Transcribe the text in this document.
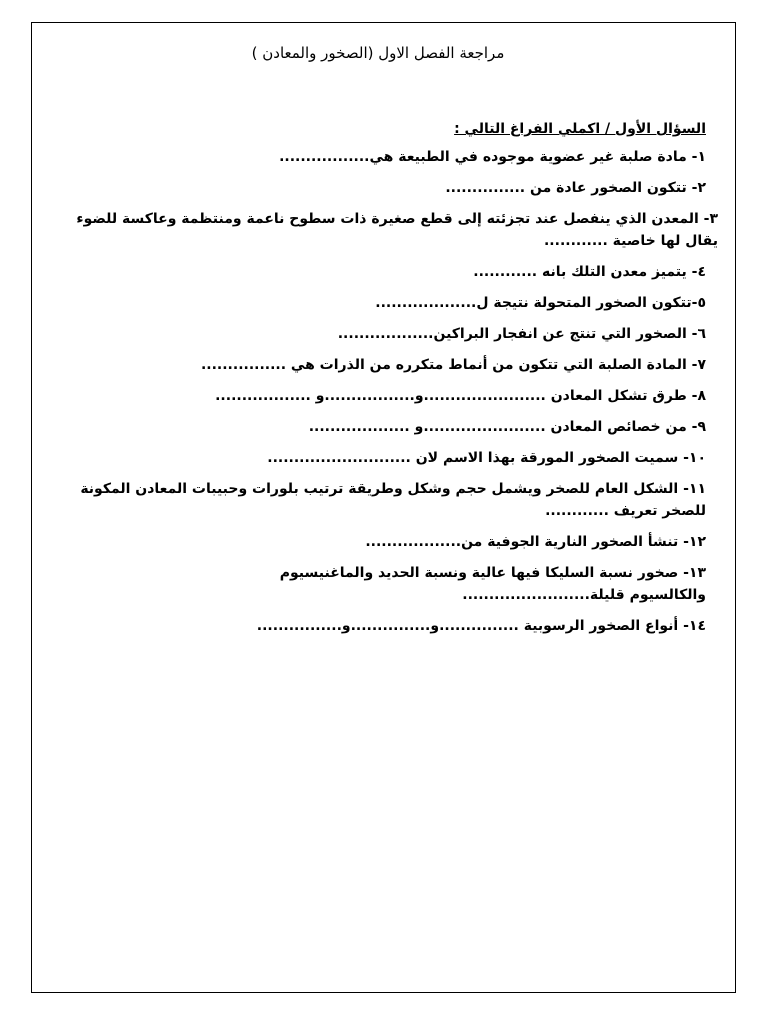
مراجعة الفصل الاول (الصخور والمعادن )
السؤال الأول / اكملي الفراغ التالي :
١- مادة صلبة غير عضوية موجوده في الطبيعة هي.................
٢- تتكون الصخور عادة من ...............
٣- المعدن الذي ينفصل عند تجزئته إلى قطع صغيرة ذات سطوح ناعمة ومنتظمة وعاكسة للضوء يقال لها خاصية ............
٤- يتميز معدن التلك بانه ............
٥-تتكون الصخور المتحولة نتيجة ل...................
٦- الصخور التي تنتج عن انفجار البراكين..................
٧- المادة الصلبة التي تتكون من أنماط متكرره من الذرات هي ................
٨- طرق تشكل المعادن .......................و.................و ..................
٩- من خصائص المعادن .......................و ...................
١٠- سميت الصخور المورقة بهذا الاسم لان ...........................
١١- الشكل العام للصخر ويشمل حجم وشكل وطريقة ترتيب بلورات وحبيبات المعادن المكونة للصخر تعريف ............
١٢- تنشأ الصخور النارية الجوفية من..................
١٣- صخور نسبة السليكا فيها عالية ونسبة الحديد والماغنيسيوم والكالسيوم قليلة........................
١٤- أنواع الصخور الرسوبية ...............و...............و................
